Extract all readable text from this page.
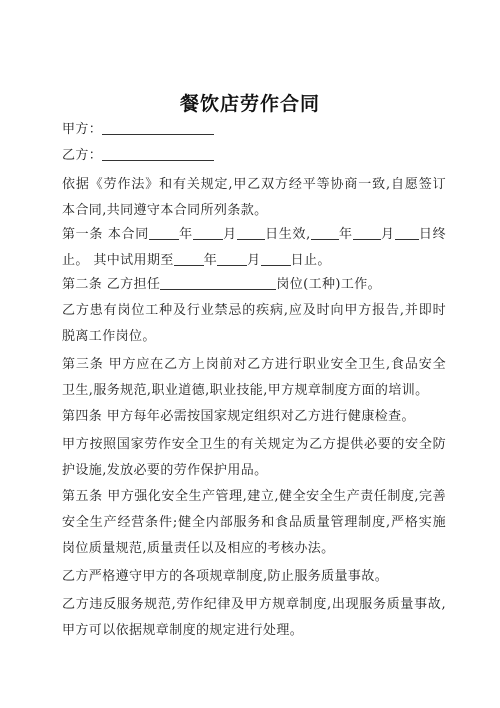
餐饮店劳作合同
甲方：
乙方：
依据《劳作法》和有关规定,甲乙双方经平等协商一致,自愿签订本合同,共同遵守本合同所列条款。
第一条 本合同 年 月 日生效, 年 月 日终止。 其中试用期至 年 月 日止。
第二条 乙方担任	岗位(工种)工作。
乙方患有岗位工种及行业禁忌的疾病,应及时向甲方报告,并即时脱离工作岗位。
第三条 甲方应在乙方上岗前对乙方进行职业安全卫生,食品安全卫生,服务规范,职业道德,职业技能,甲方规章制度方面的培训。
第四条 甲方每年必需按国家规定组织对乙方进行健康检查。
甲方按照国家劳作安全卫生的有关规定为乙方提供必要的安全防护设施,发放必要的劳作保护用品。
第五条 甲方强化安全生产管理,建立,健全安全生产责任制度,完善安全生产经营条件;健全内部服务和食品质量管理制度,严格实施岗位质量规范,质量责任以及相应的考核办法。
乙方严格遵守甲方的各项规章制度,防止服务质量事故。
乙方违反服务规范,劳作纪律及甲方规章制度,出现服务质量事故,甲方可以依据规章制度的规定进行处理。
